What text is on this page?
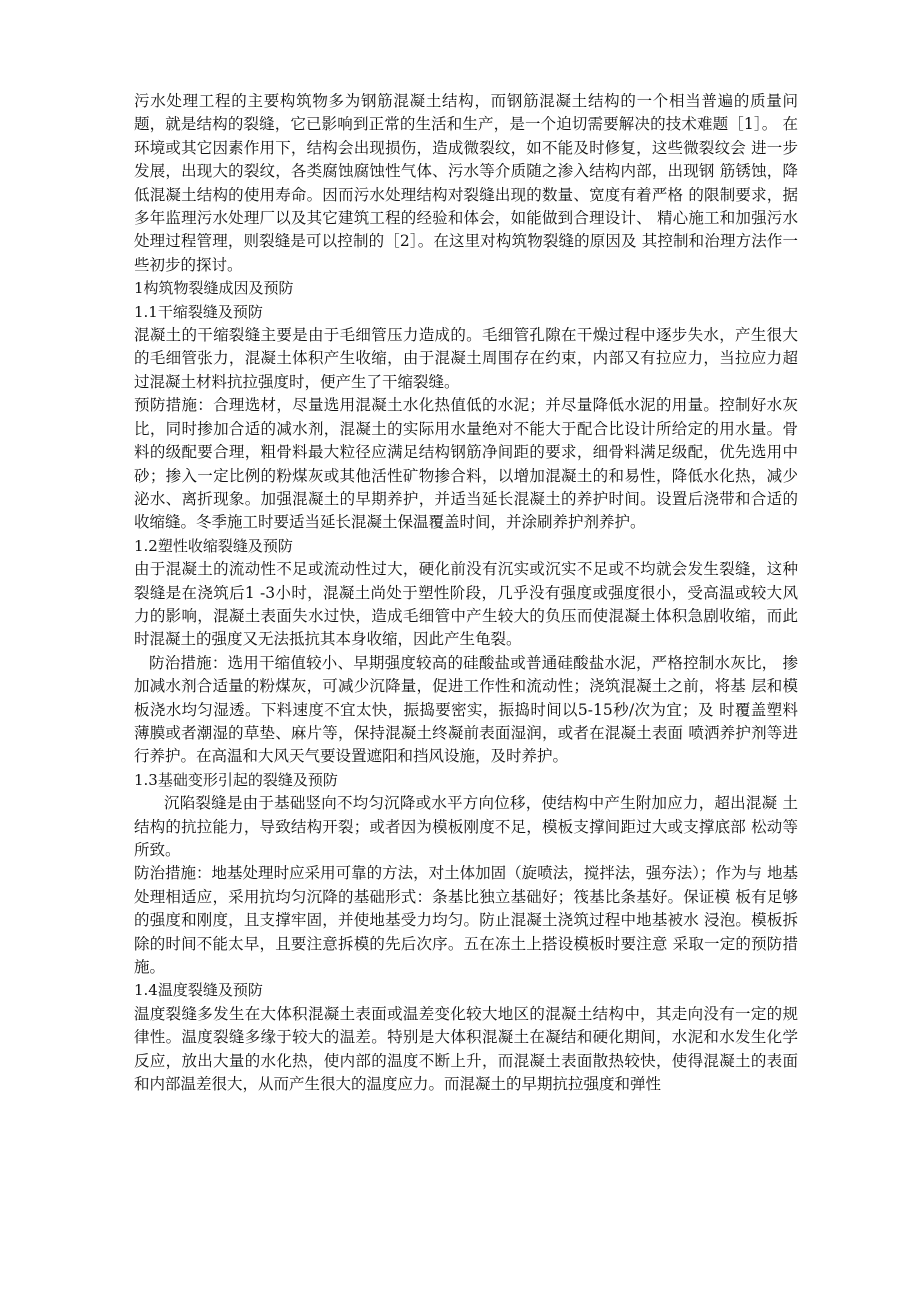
污水处理工程的主要构筑物多为钢筋混凝土结构，而钢筋混凝土结构的一个相当普遍的质量问题，就是结构的裂缝，它已影响到正常的生活和生产，是一个迫切需要解决的技术难题［1］。 在环境或其它因素作用下，结构会出现损伤，造成微裂纹，如不能及时修复，这些微裂纹会 进一步发展，出现大的裂纹，各类腐蚀腐蚀性气体、污水等介质随之渗入结构内部，出现钢 筋锈蚀，降低混凝土结构的使用寿命。因而污水处理结构对裂缝出现的数量、宽度有着严格 的限制要求，据多年监理污水处理厂以及其它建筑工程的经验和体会，如能做到合理设计、 精心施工和加强污水处理过程管理，则裂缝是可以控制的［2］。在这里对构筑物裂缝的原因及 其控制和治理方法作一些初步的探讨。

1构筑物裂缝成因及预防

1.1干缩裂缝及预防

混凝土的干缩裂缝主要是由于毛细管压力造成的。毛细管孔隙在干燥过程中逐步失水，产生很大的毛细管张力，混凝土体积产生收缩，由于混凝土周围存在约束，内部又有拉应力，当拉应力超过混凝土材料抗拉强度时，便产生了干缩裂缝。

预防措施：合理选材，尽量选用混凝土水化热值低的水泥；并尽量降低水泥的用量。控制好水灰比，同时掺加合适的减水剂，混凝土的实际用水量绝对不能大于配合比设计所给定的用水量。骨料的级配要合理，粗骨料最大粒径应满足结构钢筋净间距的要求，细骨料满足级配，优先选用中砂；掺入一定比例的粉煤灰或其他活性矿物掺合料，以增加混凝土的和易性，降低水化热，减少泌水、离折现象。加强混凝土的早期养护，并适当延长混凝土的养护时间。设置后浇带和合适的收缩缝。冬季施工时要适当延长混凝土保温覆盖时间，并涂刷养护剂养护。

1.2塑性收缩裂缝及预防

由于混凝土的流动性不足或流动性过大，硬化前没有沉实或沉实不足或不均就会发生裂缝，这种裂缝是在浇筑后1 -3小时，混凝土尚处于塑性阶段，几乎没有强度或强度很小，受高温或较大风力的影响，混凝土表面失水过快，造成毛细管中产生较大的负压而使混凝土体积急剧收缩，而此时混凝土的强度又无法抵抗其本身收缩，因此产生龟裂。

防治措施：选用干缩值较小、早期强度较高的硅酸盐或普通硅酸盐水泥，严格控制水灰比， 掺加减水剂合适量的粉煤灰，可减少沉降量，促进工作性和流动性；浇筑混凝土之前，将基 层和模板浇水均匀湿透。下料速度不宜太快，振捣要密实，振捣时间以5-15秒/次为宜；及 时覆盖塑料薄膜或者潮湿的草垫、麻片等，保持混凝土终凝前表面湿润，或者在混凝土表面 喷洒养护剂等进行养护。在高温和大风天气要设置遮阳和挡风设施，及时养护。

1.3基础变形引起的裂缝及预防

沉陷裂缝是由于基础竖向不均匀沉降或水平方向位移，使结构中产生附加应力，超出混凝 土结构的抗拉能力，导致结构开裂；或者因为模板刚度不足，模板支撑间距过大或支撑底部 松动等所致。

防治措施：地基处理时应采用可靠的方法，对土体加固（旋喷法，搅拌法，强夯法）；作为与 地基处理相适应，采用抗均匀沉降的基础形式：条基比独立基础好；筏基比条基好。保证模 板有足够的强度和刚度，且支撑牢固，并使地基受力均匀。防止混凝土浇筑过程中地基被水 浸泡。模板拆除的时间不能太早，且要注意拆模的先后次序。五在冻土上搭设模板时要注意 采取一定的预防措施。

1.4温度裂缝及预防

温度裂缝多发生在大体积混凝土表面或温差变化较大地区的混凝土结构中，其走向没有一定的规律性。温度裂缝多缘于较大的温差。特别是大体积混凝土在凝结和硬化期间，水泥和水发生化学反应，放出大量的水化热，使内部的温度不断上升，而混凝土表面散热较快，使得混凝土的表面和内部温差很大，从而产生很大的温度应力。而混凝土的早期抗拉强度和弹性
